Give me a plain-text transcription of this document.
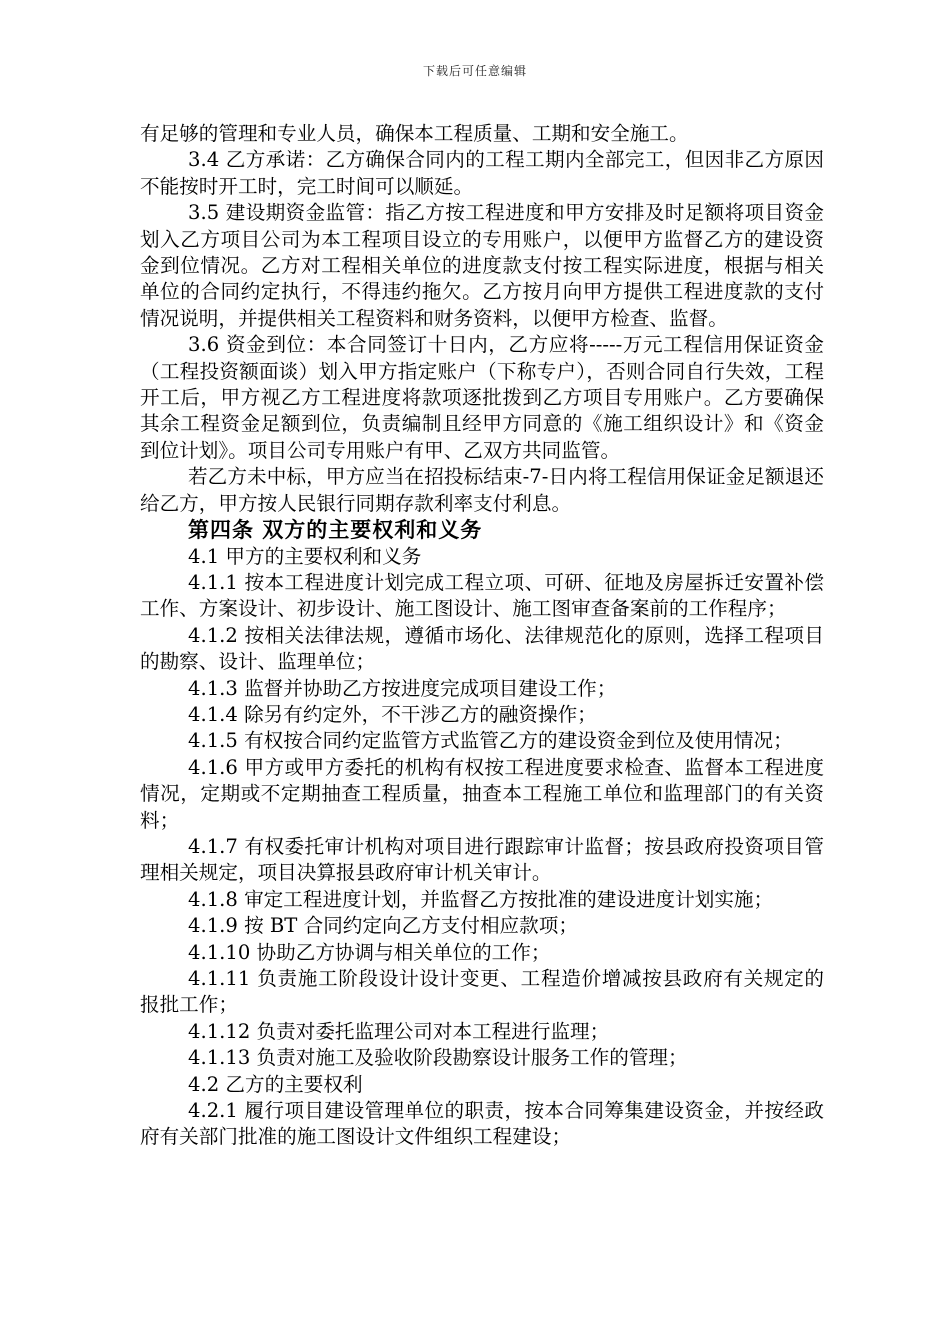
下载后可任意编辑

有足够的管理和专业人员，确保本工程质量、工期和安全施工。

3.4 乙方承诺：乙方确保合同内的工程工期内全部完工，但因非乙方原因不能按时开工时，完工时间可以顺延。

3.5 建设期资金监管：指乙方按工程进度和甲方安排及时足额将项目资金划入乙方项目公司为本工程项目设立的专用账户，以便甲方监督乙方的建设资金到位情况。乙方对工程相关单位的进度款支付按工程实际进度，根据与相关单位的合同约定执行，不得违约拖欠。乙方按月向甲方提供工程进度款的支付情况说明，并提供相关工程资料和财务资料，以便甲方检查、监督。

3.6 资金到位：本合同签订十日内，乙方应将-----万元工程信用保证资金（工程投资额面谈）划入甲方指定账户（下称专户），否则合同自行失效，工程开工后，甲方视乙方工程进度将款项逐批拨到乙方项目专用账户。乙方要确保其余工程资金足额到位，负责编制且经甲方同意的《施工组织设计》和《资金到位计划》。项目公司专用账户有甲、乙双方共同监管。

若乙方未中标，甲方应当在招投标结束-7-日内将工程信用保证金足额退还给乙方，甲方按人民银行同期存款利率支付利息。

第四条 双方的主要权利和义务

4.1 甲方的主要权利和义务

4.1.1 按本工程进度计划完成工程立项、可研、征地及房屋拆迁安置补偿工作、方案设计、初步设计、施工图设计、施工图审查备案前的工作程序；

4.1.2 按相关法律法规，遵循市场化、法律规范化的原则，选择工程项目的勘察、设计、监理单位；

4.1.3 监督并协助乙方按进度完成项目建设工作；

4.1.4 除另有约定外，不干涉乙方的融资操作；

4.1.5 有权按合同约定监管方式监管乙方的建设资金到位及使用情况；

4.1.6 甲方或甲方委托的机构有权按工程进度要求检查、监督本工程进度情况，定期或不定期抽查工程质量，抽查本工程施工单位和监理部门的有关资料；

4.1.7 有权委托审计机构对项目进行跟踪审计监督；按县政府投资项目管理相关规定，项目决算报县政府审计机关审计。

4.1.8 审定工程进度计划，并监督乙方按批准的建设进度计划实施；

4.1.9 按 BT 合同约定向乙方支付相应款项；

4.1.10 协助乙方协调与相关单位的工作；

4.1.11 负责施工阶段设计设计变更、工程造价增减按县政府有关规定的报批工作；

4.1.12 负责对委托监理公司对本工程进行监理；

4.1.13 负责对施工及验收阶段勘察设计服务工作的管理；

4.2 乙方的主要权利

4.2.1 履行项目建设管理单位的职责，按本合同筹集建设资金，并按经政府有关部门批准的施工图设计文件组织工程建设；
